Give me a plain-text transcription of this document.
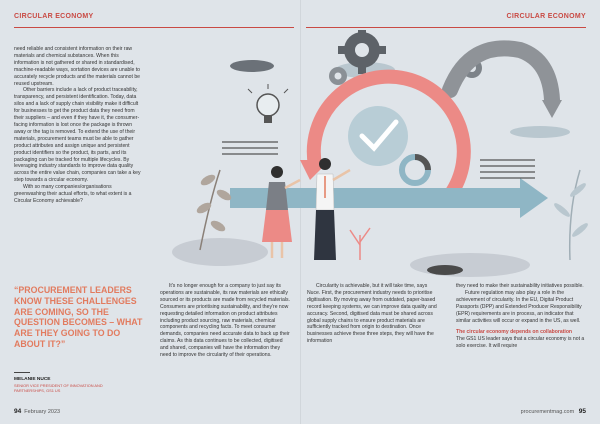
CIRCULAR ECONOMY	CIRCULAR ECONOMY

need reliable and consistent information on their raw materials and chemical substances. When this information is not gathered or shared in standardised, machine-readable ways, sortation devices are unable to accurately recycle products and the materials cannot be reused upstream.

Other barriers include a lack of product traceability, transparency, and persistent identification. Today, data silos and a lack of supply chain visibility make it difficult for businesses to get the product data they need from their suppliers – and even if they have it, the consumer-facing information is lost once the package is thrown away or the tag is removed. To extend the use of their materials, procurement teams must be able to gather product attributes and assign unique and persistent product identifiers so the product, its parts, and its packaging can be tracked for multiple lifecycles. By leveraging industry standards to improve data quality across the entire value chain, companies can take a key step towards a circular economy.

With so many companies/organisations greenwashing their actual efforts, to what extent is a Circular Economy achievable?

“PROCUREMENT LEADERS KNOW THESE CHALLENGES ARE COMING, SO THE QUESTION BECOMES – WHAT ARE THEY GOING TO DO ABOUT IT?”
MELANIE NUCE
SENIOR VICE PRESIDENT OF INNOVATION AND PARTNERSHIPS, GS1 US

It's no longer enough for a company to just say its operations are sustainable, its raw materials are ethically sourced or its products are made from recycled materials. Consumers are prioritising sustainability, and they're now requesting detailed information on product attributes including product sourcing, raw materials, chemical components and recycling facts. To meet consumer demands, companies need accurate data to back up their claims. As this data continues to be collected, digitised and shared, companies will have the information they need to improve the circularity of their operations.

Circularity is achievable, but it will take time, says Nuce. First, the procurement industry needs to prioritise digitisation. By moving away from outdated, paper-based record keeping systems, we can improve data quality and accuracy. Second, digitised data must be shared across global supply chains to ensure product materials are sufficiently tracked from origin to destination. Once businesses achieve these three steps, they will have the information

they need to make their sustainability initiatives possible.

Future regulation may also play a role in the achievement of circularity. In the EU, Digital Product Passports (DPP) and Extended Producer Responsibility (EPR) requirements are in process, an indicator that similar activities will occur or expand in the US, as well.

The circular economy depends on collaboration

The GS1 US leader says that a circular economy is not a solo exercise. It will require

94 February 2023	procurementmag.com 95
